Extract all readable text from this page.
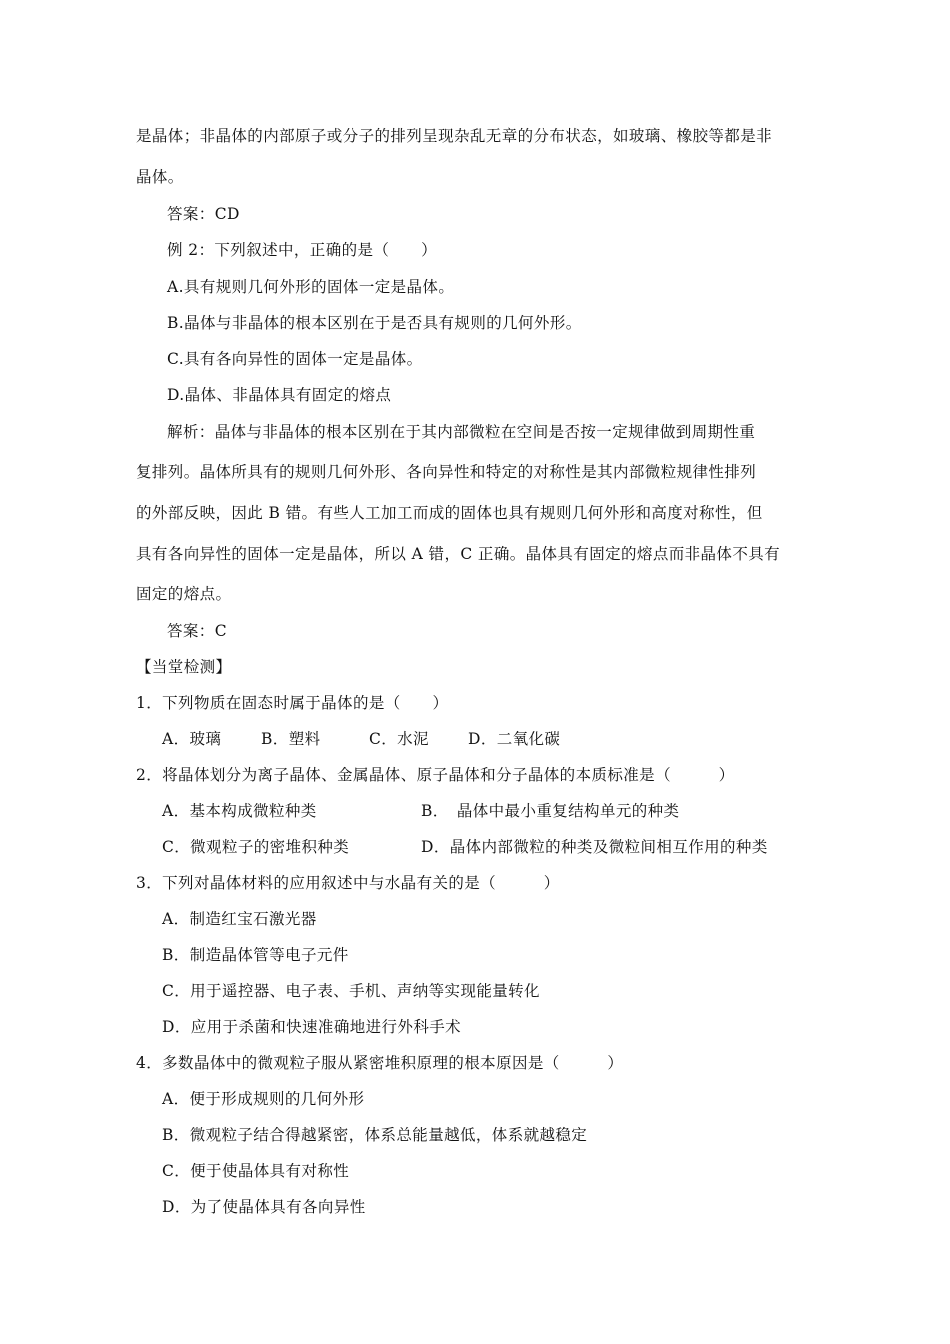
是晶体；非晶体的内部原子或分子的排列呈现杂乱无章的分布状态，如玻璃、橡胶等都是非
晶体。
答案：CD
例 2：下列叙述中，正确的是（　　）
A.具有规则几何外形的固体一定是晶体。
B.晶体与非晶体的根本区别在于是否具有规则的几何外形。
C.具有各向异性的固体一定是晶体。
D.晶体、非晶体具有固定的熔点
解析：晶体与非晶体的根本区别在于其内部微粒在空间是否按一定规律做到周期性重
复排列。晶体所具有的规则几何外形、各向异性和特定的对称性是其内部微粒规律性排列
的外部反映，因此 B 错。有些人工加工而成的固体也具有规则几何外形和高度对称性，但
具有各向异性的固体一定是晶体，所以 A 错，C 正确。晶体具有固定的熔点而非晶体不具有
固定的熔点。
答案：C
【当堂检测】
1．下列物质在固态时属于晶体的是（　　）
A．玻璃	B．塑料	C．水泥	D．二氧化碳
2．将晶体划分为离子晶体、金属晶体、原子晶体和分子晶体的本质标准是（　　　）
A．基本构成微粒种类	B．　晶体中最小重复结构单元的种类
C．微观粒子的密堆积种类	D．晶体内部微粒的种类及微粒间相互作用的种类
3．下列对晶体材料的应用叙述中与水晶有关的是（　　　）
A．制造红宝石激光器
B．制造晶体管等电子元件
C．用于遥控器、电子表、手机、声纳等实现能量转化
D．应用于杀菌和快速准确地进行外科手术
4．多数晶体中的微观粒子服从紧密堆积原理的根本原因是（　　　）
A．便于形成规则的几何外形
B．微观粒子结合得越紧密，体系总能量越低，体系就越稳定
C．便于使晶体具有对称性
D．为了使晶体具有各向异性
